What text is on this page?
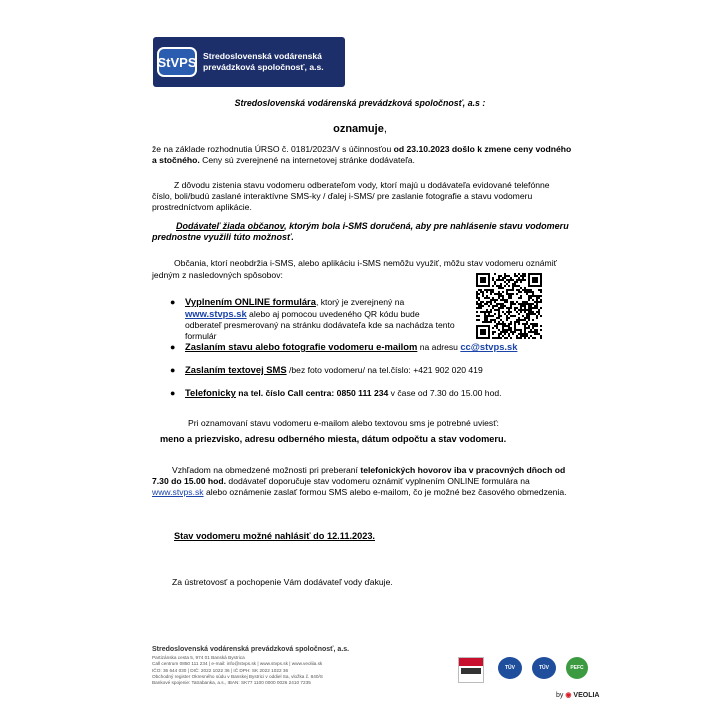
StVPS Stredoslovenská vodárenská
prevádzková spoločnosť, a.s.
Stredoslovenská vodárenská prevádzková spoločnosť, a.s :
oznamuje,
že na základe rozhodnutia ÚRSO č. 0181/2023/V s účinnosťou od 23.10.2023 došlo k zmene ceny vodného a stočného. Ceny sú zverejnené na internetovej stránke dodávateľa.
Z dôvodu zistenia stavu vodomeru odberateľom vody, ktorí majú u dodávateľa evidované telefónne číslo, boli/budú zaslané interaktívne SMS-ky / ďalej i-SMS/ pre zaslanie fotografie a stavu vodomeru prostredníctvom aplikácie.
Dodávateľ žiada občanov, ktorým bola i-SMS doručená, aby pre nahlásenie stavu vodomeru prednostne využili túto možnosť.
Občania, ktorí neobdržia i-SMS, alebo aplikáciu i-SMS nemôžu využiť, môžu stav vodomeru oznámiť jedným z nasledovných spôsobov:
● Vyplnením ONLINE formulára, ktorý je zverejnený na www.stvps.sk alebo aj pomocou uvedeného QR kódu bude odberateľ presmerovaný na stránku dodávateľa kde sa nachádza tento formulár
● Zaslaním stavu alebo fotografie vodomeru e-mailom na adresu cc@stvps.sk
● Zaslaním textovej SMS /bez foto vodomeru/ na tel.číslo: +421 902 020 419
● Telefonicky na tel. číslo Call centra: 0850 111 234 v čase od 7.30 do 15.00 hod.
Pri oznamovaní stavu vodomeru e-mailom alebo textovou sms je potrebné uviesť:
meno a priezvisko, adresu odberného miesta, dátum odpočtu a stav vodomeru.
Vzhľadom na obmedzené možnosti pri preberaní telefonických hovorov iba v pracovných dňoch od 7.30 do 15.00 hod. dodávateľ doporučuje stav vodomeru oznámiť vyplnením ONLINE formulára na www.stvps.sk alebo oznámenie zaslať formou SMS alebo e-mailom, čo je možné bez časového obmedzenia.
Stav vodomeru možné nahlásiť do 12.11.2023.
Za ústretovosť a pochopenie Vám dodávateľ vody ďakuje.
Stredoslovenská vodárenská prevádzková spoločnosť, a.s.
Partizánska cesta 5, 974 01 Banská Bystrica
Call centrum 0850 111 234 | e-mail: info@stvps.sk | www.stvps.sk | www.veoliia.sk
IČO: 36 644 030 | DIČ: 2022 1022 36 | IČ DPH: SK 2022 1022 36
Obchodný register Okresného súdu v Banskej Bystrici v oddiel Sa, vložka č. 840/S
Bankové spojenie: Tatrabanka, a.s., IBAN: SK77 1100 0000 0026 2410 7235
TÜV	TÜV	PEFC
by ◉ VEOLIA
